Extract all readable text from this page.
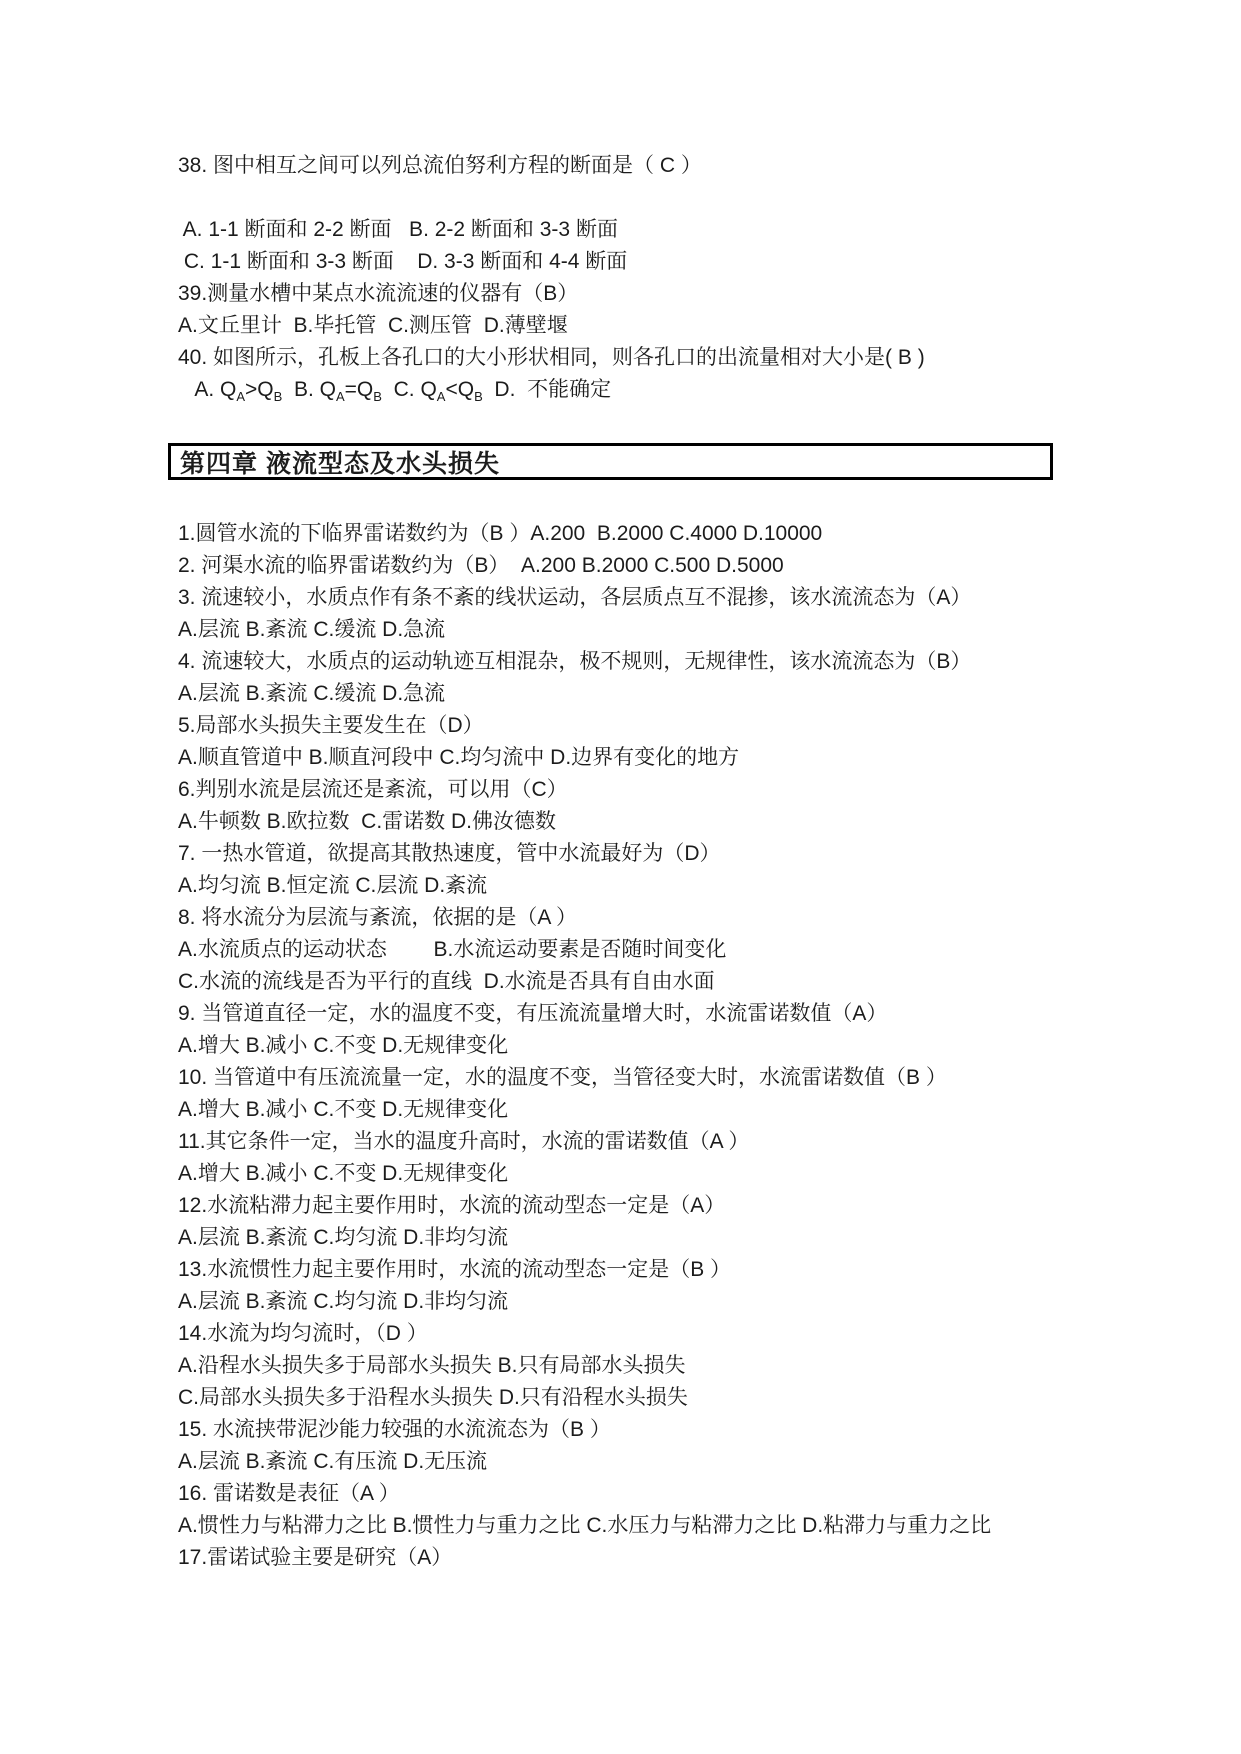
38. 图中相互之间可以列总流伯努利方程的断面是（ C ）
A. 1-1 断面和 2-2 断面   B. 2-2 断面和 3-3 断面
C. 1-1 断面和 3-3 断面    D. 3-3 断面和 4-4 断面
39.测量水槽中某点水流流速的仪器有（B）
A.文丘里计  B.毕托管  C.测压管  D.薄壁堰
40. 如图所示，孔板上各孔口的大小形状相同，则各孔口的出流量相对大小是( B )
A. $Q_A>Q_B$  B. $Q_A=Q_B$  C. $Q_A<Q_B$  D.  不能确定
第四章 液流型态及水头损失
1.圆管水流的下临界雷诺数约为（B ）A.200  B.2000 C.4000 D.10000
2. 河渠水流的临界雷诺数约为（B）  A.200 B.2000 C.500 D.5000
3. 流速较小，水质点作有条不紊的线状运动，各层质点互不混掺，该水流流态为（A）
A.层流 B.紊流 C.缓流 D.急流
4. 流速较大，水质点的运动轨迹互相混杂，极不规则，无规律性，该水流流态为（B）
A.层流 B.紊流 C.缓流 D.急流
5.局部水头损失主要发生在（D）
A.顺直管道中 B.顺直河段中 C.均匀流中 D.边界有变化的地方
6.判别水流是层流还是紊流，可以用（C）
A.牛顿数 B.欧拉数  C.雷诺数 D.佛汝德数
7. 一热水管道，欲提高其散热速度，管中水流最好为（D）
A.均匀流 B.恒定流 C.层流 D.紊流
8. 将水流分为层流与紊流，依据的是（A ）
A.水流质点的运动状态        B.水流运动要素是否随时间变化
C.水流的流线是否为平行的直线  D.水流是否具有自由水面
9. 当管道直径一定，水的温度不变，有压流流量增大时，水流雷诺数值（A）
A.增大 B.减小 C.不变 D.无规律变化
10. 当管道中有压流流量一定，水的温度不变，当管径变大时，水流雷诺数值（B ）
A.增大 B.减小 C.不变 D.无规律变化
11.其它条件一定，当水的温度升高时，水流的雷诺数值（A ）
A.增大 B.减小 C.不变 D.无规律变化
12.水流粘滞力起主要作用时，水流的流动型态一定是（A）
A.层流 B.紊流 C.均匀流 D.非均匀流
13.水流惯性力起主要作用时，水流的流动型态一定是（B ）
A.层流 B.紊流 C.均匀流 D.非均匀流
14.水流为均匀流时，（D ）
A.沿程水头损失多于局部水头损失 B.只有局部水头损失
C.局部水头损失多于沿程水头损失 D.只有沿程水头损失
15. 水流挟带泥沙能力较强的水流流态为（B ）
A.层流 B.紊流 C.有压流 D.无压流
16. 雷诺数是表征（A ）
A.惯性力与粘滞力之比 B.惯性力与重力之比 C.水压力与粘滞力之比 D.粘滞力与重力之比
17.雷诺试验主要是研究（A）
